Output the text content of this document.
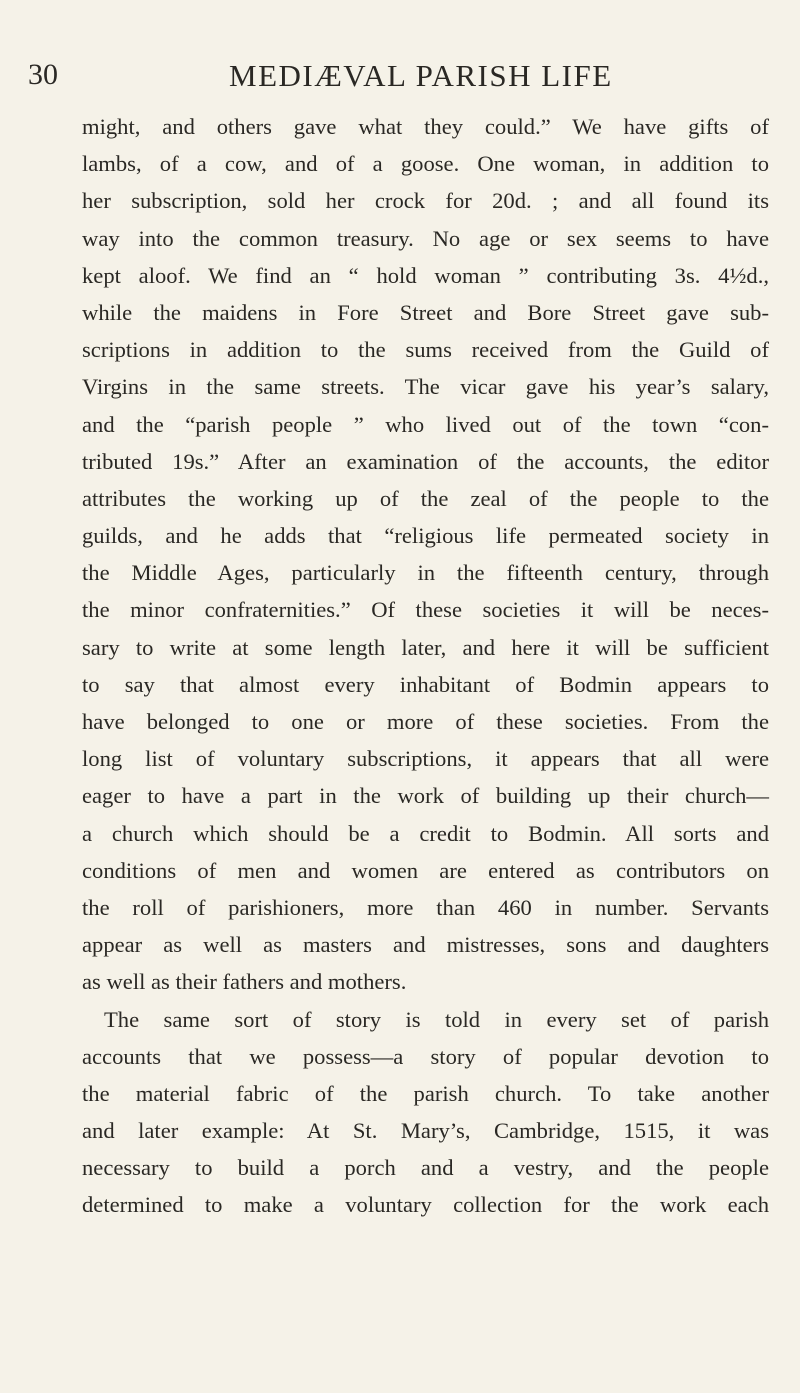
30	MEDIÆVAL PARISH LIFE
might, and others gave what they could.” We have gifts of
lambs, of a cow, and of a goose. One woman, in addition to
her subscription, sold her crock for 20d. ; and all found its
way into the common treasury. No age or sex seems to have
kept aloof. We find an “ hold woman ” contributing 3s. 4½d.,
while the maidens in Fore Street and Bore Street gave sub-
scriptions in addition to the sums received from the Guild of
Virgins in the same streets. The vicar gave his year’s salary,
and the “parish people ” who lived out of the town “con-
tributed 19s.” After an examination of the accounts, the editor
attributes the working up of the zeal of the people to the
guilds, and he adds that “religious life permeated society in
the Middle Ages, particularly in the fifteenth century, through
the minor confraternities.” Of these societies it will be neces-
sary to write at some length later, and here it will be sufficient
to say that almost every inhabitant of Bodmin appears to
have belonged to one or more of these societies. From the
long list of voluntary subscriptions, it appears that all were
eager to have a part in the work of building up their church—
a church which should be a credit to Bodmin. All sorts and
conditions of men and women are entered as contributors on
the roll of parishioners, more than 460 in number. Servants
appear as well as masters and mistresses, sons and daughters
as well as their fathers and mothers.
The same sort of story is told in every set of parish
accounts that we possess—a story of popular devotion to
the material fabric of the parish church. To take another
and later example: At St. Mary’s, Cambridge, 1515, it was
necessary to build a porch and a vestry, and the people
determined to make a voluntary collection for the work each
